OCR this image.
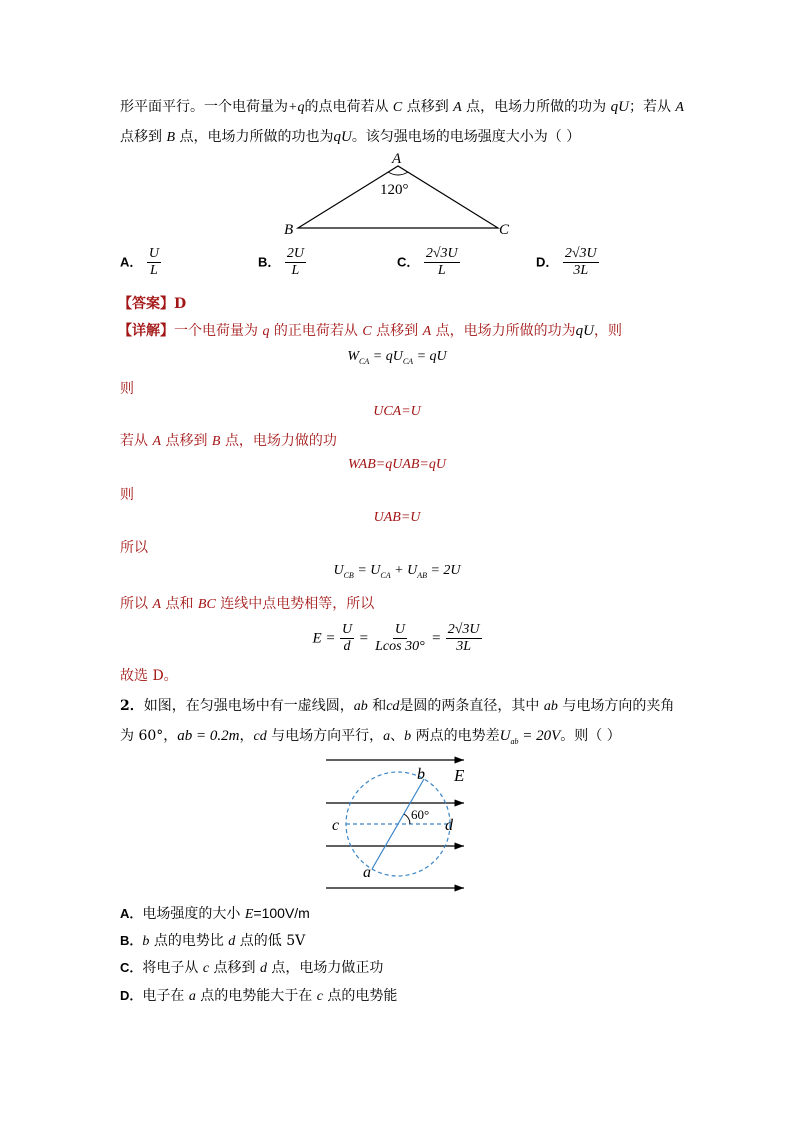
形平面平行。一个电荷量为+q的点电荷若从 C 点移到 A 点，电场力所做的功为 qU；若从 A
点移到 B 点，电场力所做的功也为qU。该匀强电场的电场强度大小为（ ）
A
120°
B	C
A． $\frac{U}{L}$	B． $\frac{2U}{L}$	C． $\frac{2√3U}{L}$	D． $\frac{2√3U}{3L}$
【答案】D
【详解】一个电荷量为 q 的正电荷若从 C 点移到 A 点，电场力所做的功为qU，则
$W_{CA} = qU_{CA}$ = qU
则
UCA=U
若从 A 点移到 B 点，电场力做的功
WAB=qUAB=qU
则
UAB=U
所以
$U_{CB} = U_{CA} + U_{AB} = 2U$
所以 A 点和 BC 连线中点电势相等，所以
$E = \frac{U}{d} = \frac{U}{Lcos 30^\circ} = \frac{2√3U}{3L}$
故选 D。
2．如图，在匀强电场中有一虚线圆，ab 和cd是圆的两条直径，其中 ab 与电场方向的夹角
为 60°，ab = 0.2m，cd 与电场方向平行，a、b 两点的电势差$U_{ab} = 20V$。则（ ）
b E
c	d
a
60°
A．电场强度的大小 E=100V/m
B．b 点的电势比 d 点的低 5V
C．将电子从 c 点移到 d 点，电场力做正功
D．电子在 a 点的电势能大于在 c 点的电势能
